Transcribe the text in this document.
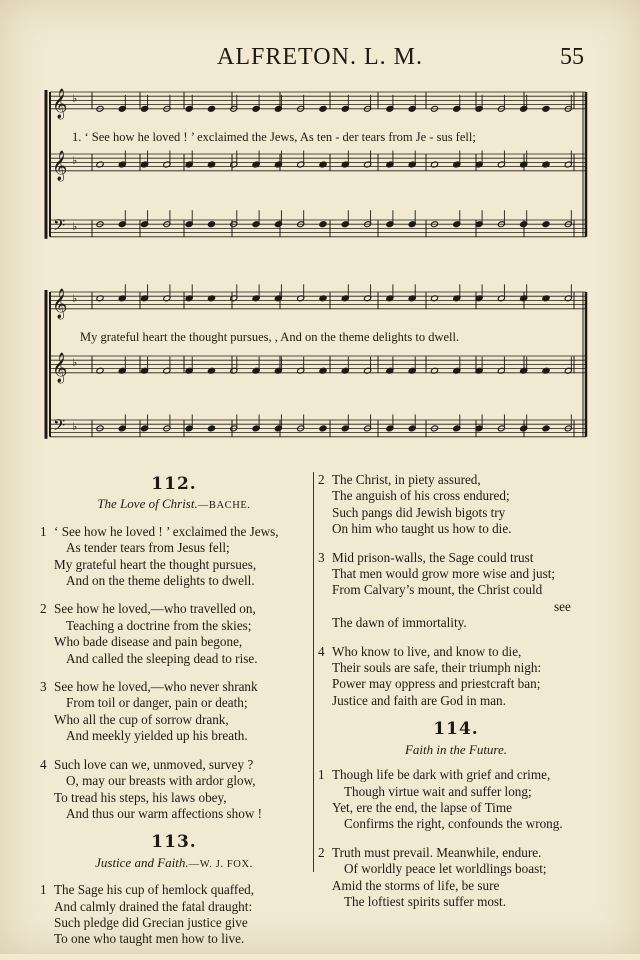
ALFRETON. L. M.	55
𝄞 ♭
𝄞 ♭
𝄢 ♭
𝄞 ♭
𝄞 ♭
𝄢 ♭
1. ‘ See how he loved ! ’ exclaimed the Jews, As ten - der tears from Je - sus fell;
My grateful heart the thought pursues, , And on the theme delights to dwell.
112.
The Love of Christ.—BACHE.
1 ‘ See how he loved ! ’ exclaimed the Jews,
As tender tears from Jesus fell;
My grateful heart the thought pursues,
And on the theme delights to dwell.
2 See how he loved,—who travelled on,
Teaching a doctrine from the skies;
Who bade disease and pain begone,
And called the sleeping dead to rise.
3 See how he loved,—who never shrank
From toil or danger, pain or death;
Who all the cup of sorrow drank,
And meekly yielded up his breath.
4 Such love can we, unmoved, survey ?
O, may our breasts with ardor glow,
To tread his steps, his laws obey,
And thus our warm affections show !
113.
Justice and Faith.—W. J. FOX.
1 The Sage his cup of hemlock quaffed,
And calmly drained the fatal draught:
Such pledge did Grecian justice give
To one who taught men how to live.
2 The Christ, in piety assured,
The anguish of his cross endured;
Such pangs did Jewish bigots try
On him who taught us how to die.
3 Mid prison-walls, the Sage could trust
That men would grow more wise and just;
From Calvary’s mount, the Christ could
see
The dawn of immortality.
4 Who know to live, and know to die,
Their souls are safe, their triumph nigh:
Power may oppress and priestcraft ban;
Justice and faith are God in man.
114.
Faith in the Future.
1 Though life be dark with grief and crime,
Though virtue wait and suffer long;
Yet, ere the end, the lapse of Time
Confirms the right, confounds the wrong.
2 Truth must prevail. Meanwhile, endure.
Of worldly peace let worldlings boast;
Amid the storms of life, be sure
The loftiest spirits suffer most.
